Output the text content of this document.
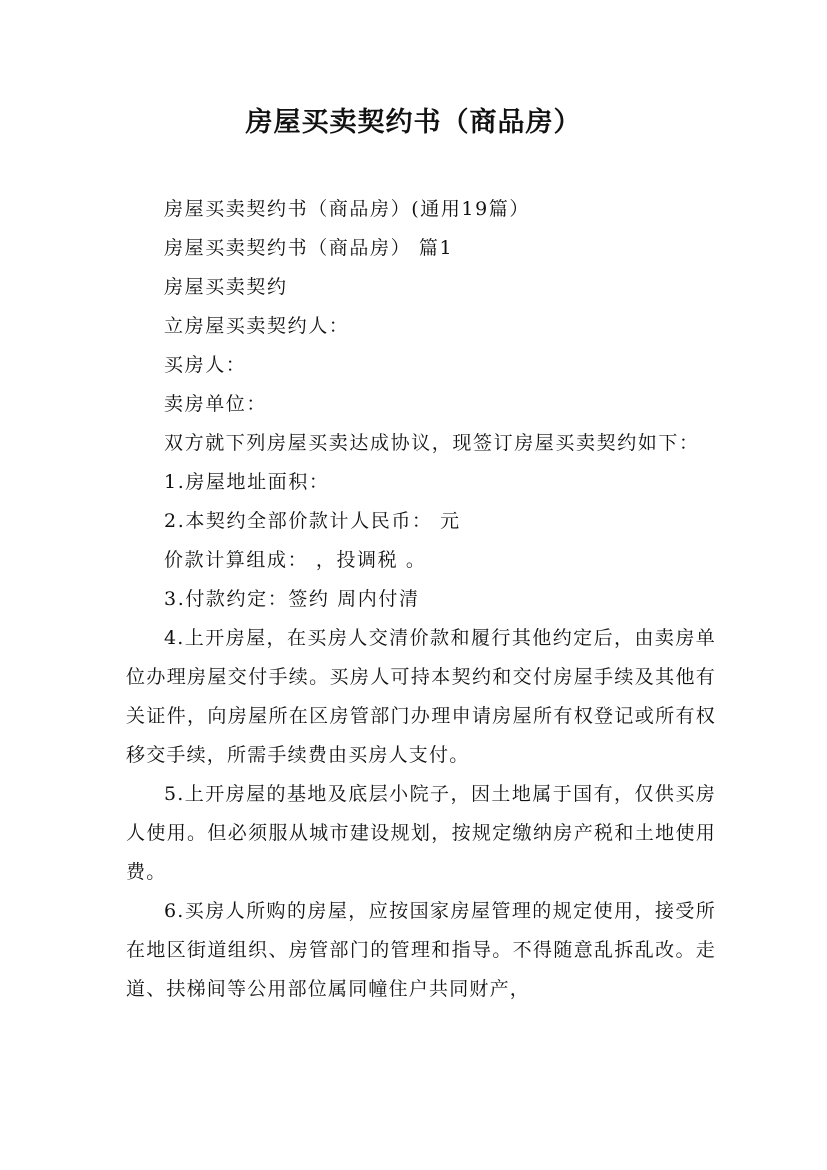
房屋买卖契约书（商品房）

房屋买卖契约书（商品房）(通用19篇）

房屋买卖契约书（商品房） 篇1

房屋买卖契约

立房屋买卖契约人：

买房人：

卖房单位：

双方就下列房屋买卖达成协议，现签订房屋买卖契约如下：

1.房屋地址面积：

2.本契约全部价款计人民币： 元

价款计算组成： ，投调税 。

3.付款约定：签约 周内付清

4.上开房屋，在买房人交清价款和履行其他约定后，由卖房单位办理房屋交付手续。买房人可持本契约和交付房屋手续及其他有关证件，向房屋所在区房管部门办理申请房屋所有权登记或所有权移交手续，所需手续费由买房人支付。

5.上开房屋的基地及底层小院子，因土地属于国有，仅供买房人使用。但必须服从城市建设规划，按规定缴纳房产税和土地使用费。

6.买房人所购的房屋，应按国家房屋管理的规定使用，接受所在地区街道组织、房管部门的管理和指导。不得随意乱拆乱改。走道、扶梯间等公用部位属同幢住户共同财产，
